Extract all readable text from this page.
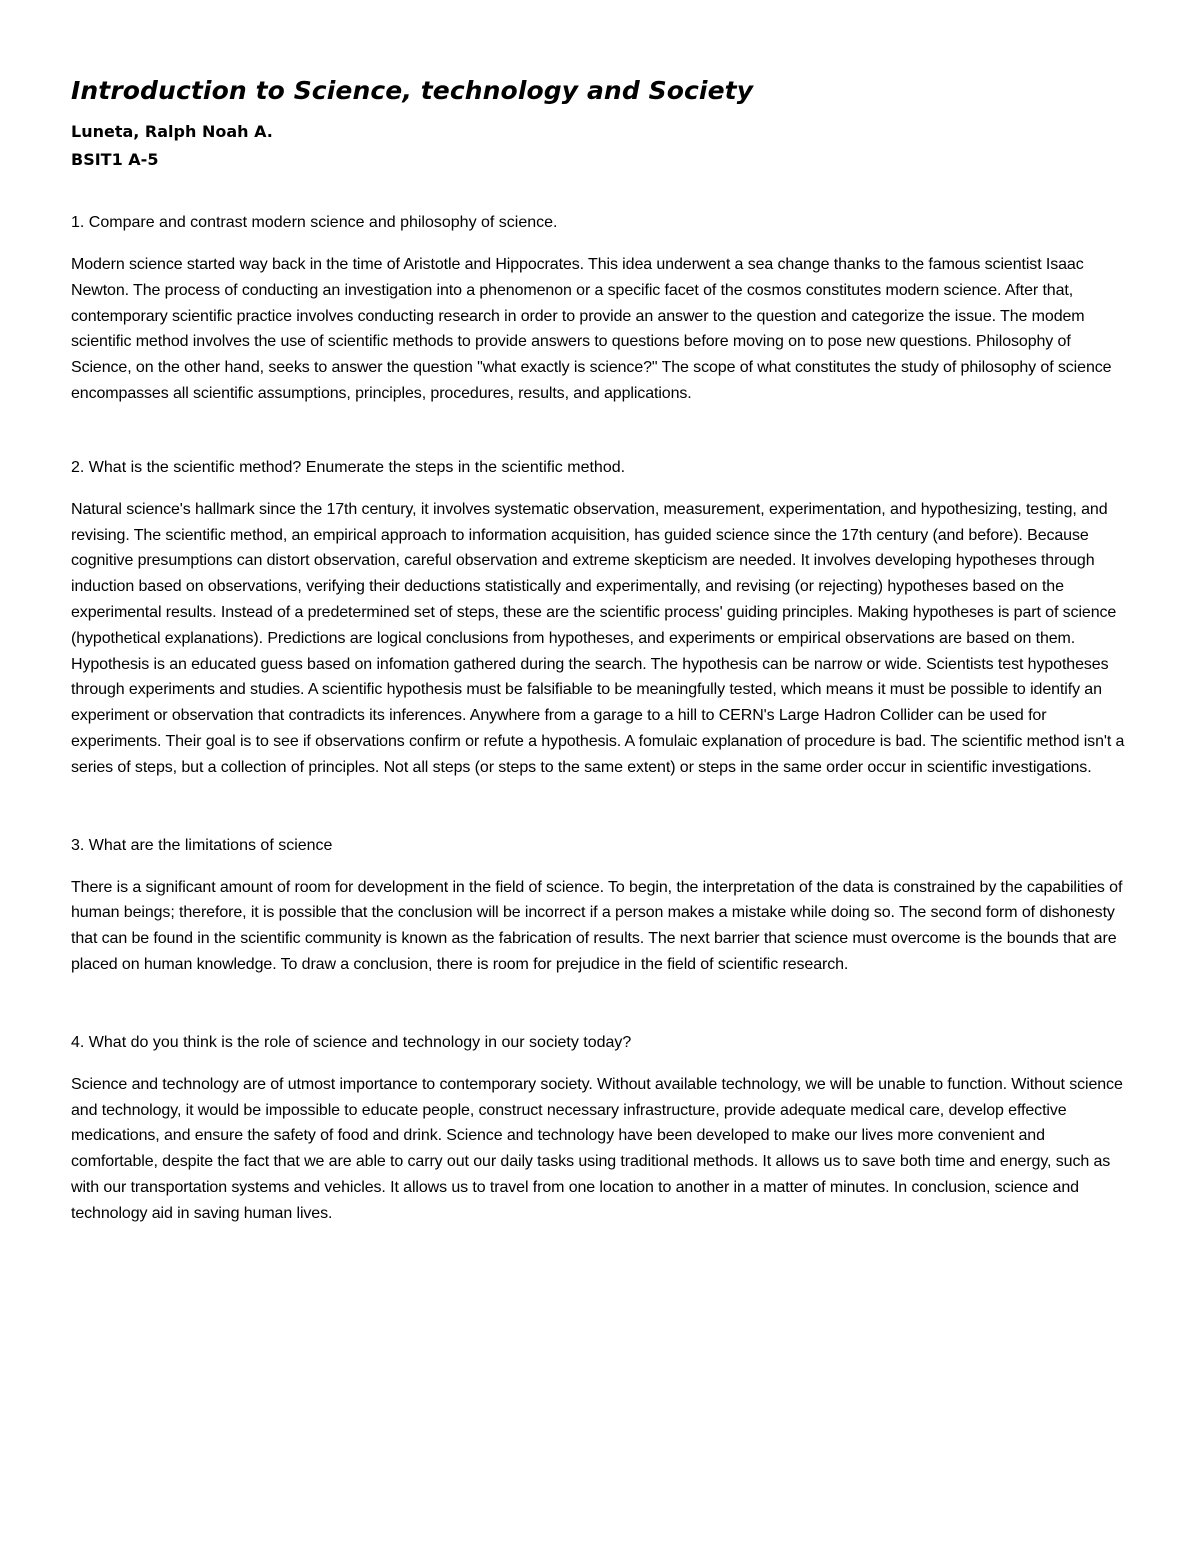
Introduction to Science, technology and Society

Luneta, Ralph Noah A.

BSIT1 A-5

1. Compare and contrast modern science and philosophy of science.

Modern science started way back in the time of Aristotle and Hippocrates. This idea underwent a sea change thanks to the famous scientist Isaac Newton. The process of conducting an investigation into a phenomenon or a specific facet of the cosmos constitutes modern science. After that, contemporary scientific practice involves conducting research in order to provide an answer to the question and categorize the issue. The modem scientific method involves the use of scientific methods to provide answers to questions before moving on to pose new questions. Philosophy of Science, on the other hand, seeks to answer the question "what exactly is science?" The scope of what constitutes the study of philosophy of science encompasses all scientific assumptions, principles, procedures, results, and applications.

2. What is the scientific method? Enumerate the steps in the scientific method.

Natural science's hallmark since the 17th century, it involves systematic observation, measurement, experimentation, and hypothesizing, testing, and revising. The scientific method, an empirical approach to information acquisition, has guided science since the 17th century (and before). Because cognitive presumptions can distort observation, careful observation and extreme skepticism are needed. It involves developing hypotheses through induction based on observations, verifying their deductions statistically and experimentally, and revising (or rejecting) hypotheses based on the experimental results. Instead of a predetermined set of steps, these are the scientific process' guiding principles. Making hypotheses is part of science (hypothetical explanations). Predictions are logical conclusions from hypotheses, and experiments or empirical observations are based on them. Hypothesis is an educated guess based on infomation gathered during the search. The hypothesis can be narrow or wide. Scientists test hypotheses through experiments and studies. A scientific hypothesis must be falsifiable to be meaningfully tested, which means it must be possible to identify an experiment or observation that contradicts its inferences. Anywhere from a garage to a hill to CERN's Large Hadron Collider can be used for experiments. Their goal is to see if observations confirm or refute a hypothesis. A fomulaic explanation of procedure is bad. The scientific method isn't a series of steps, but a collection of principles. Not all steps (or steps to the same extent) or steps in the same order occur in scientific investigations.

3. What are the limitations of science

There is a significant amount of room for development in the field of science. To begin, the interpretation of the data is constrained by the capabilities of human beings; therefore, it is possible that the conclusion will be incorrect if a person makes a mistake while doing so. The second form of dishonesty that can be found in the scientific community is known as the fabrication of results. The next barrier that science must overcome is the bounds that are placed on human knowledge. To draw a conclusion, there is room for prejudice in the field of scientific research.

4. What do you think is the role of science and technology in our society today?

Science and technology are of utmost importance to contemporary society. Without available technology, we will be unable to function. Without science and technology, it would be impossible to educate people, construct necessary infrastructure, provide adequate medical care, develop effective medications, and ensure the safety of food and drink. Science and technology have been developed to make our lives more convenient and comfortable, despite the fact that we are able to carry out our daily tasks using traditional methods. It allows us to save both time and energy, such as with our transportation systems and vehicles. It allows us to travel from one location to another in a matter of minutes. In conclusion, science and technology aid in saving human lives.
